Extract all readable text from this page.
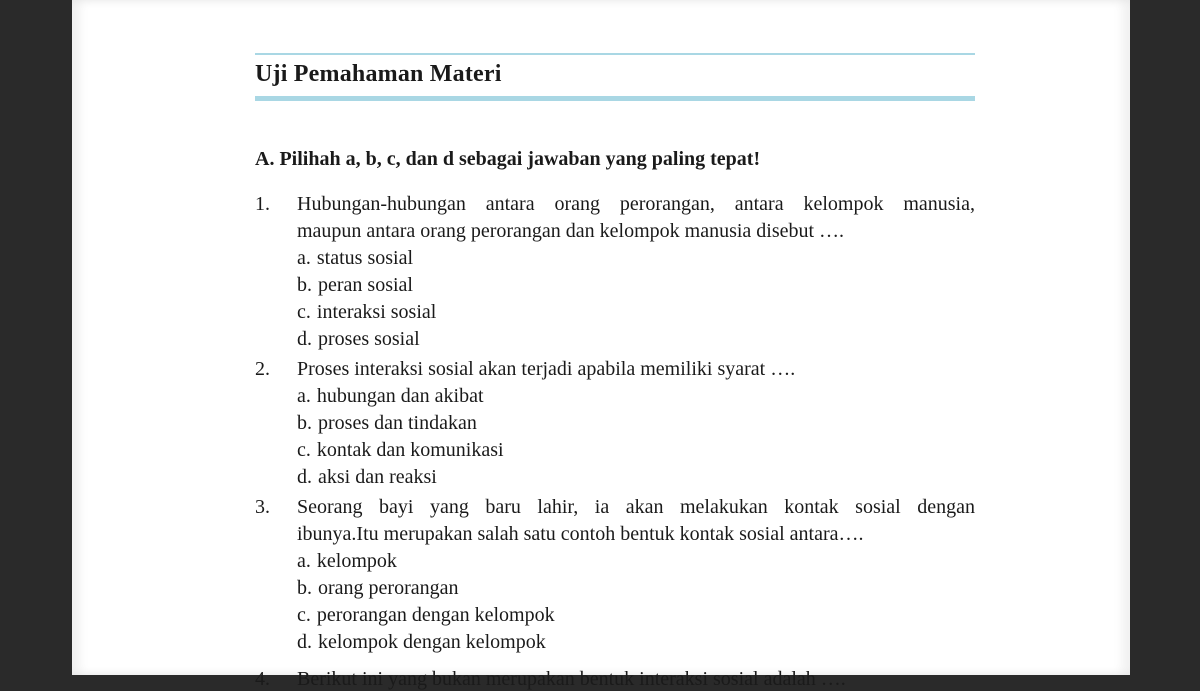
Uji Pemahaman Materi
A. Pilihah a, b, c, dan d sebagai jawaban yang paling tepat!
1.	Hubungan-hubungan antara orang perorangan, antara kelompok manusia,
maupun antara orang perorangan dan kelompok manusia disebut ….
a. status sosial
b. peran sosial
c. interaksi sosial
d. proses sosial
2.	Proses interaksi sosial akan terjadi apabila memiliki syarat ….
a. hubungan dan akibat
b. proses dan tindakan
c. kontak dan komunikasi
d. aksi dan reaksi
3.	Seorang bayi yang baru lahir, ia akan melakukan kontak sosial dengan
ibunya.Itu merupakan salah satu contoh bentuk kontak sosial antara….
a. kelompok
b. orang perorangan
c. perorangan dengan kelompok
d. kelompok dengan kelompok
4. Berikut ini yang bukan merupakan bentuk interaksi sosial adalah ….
